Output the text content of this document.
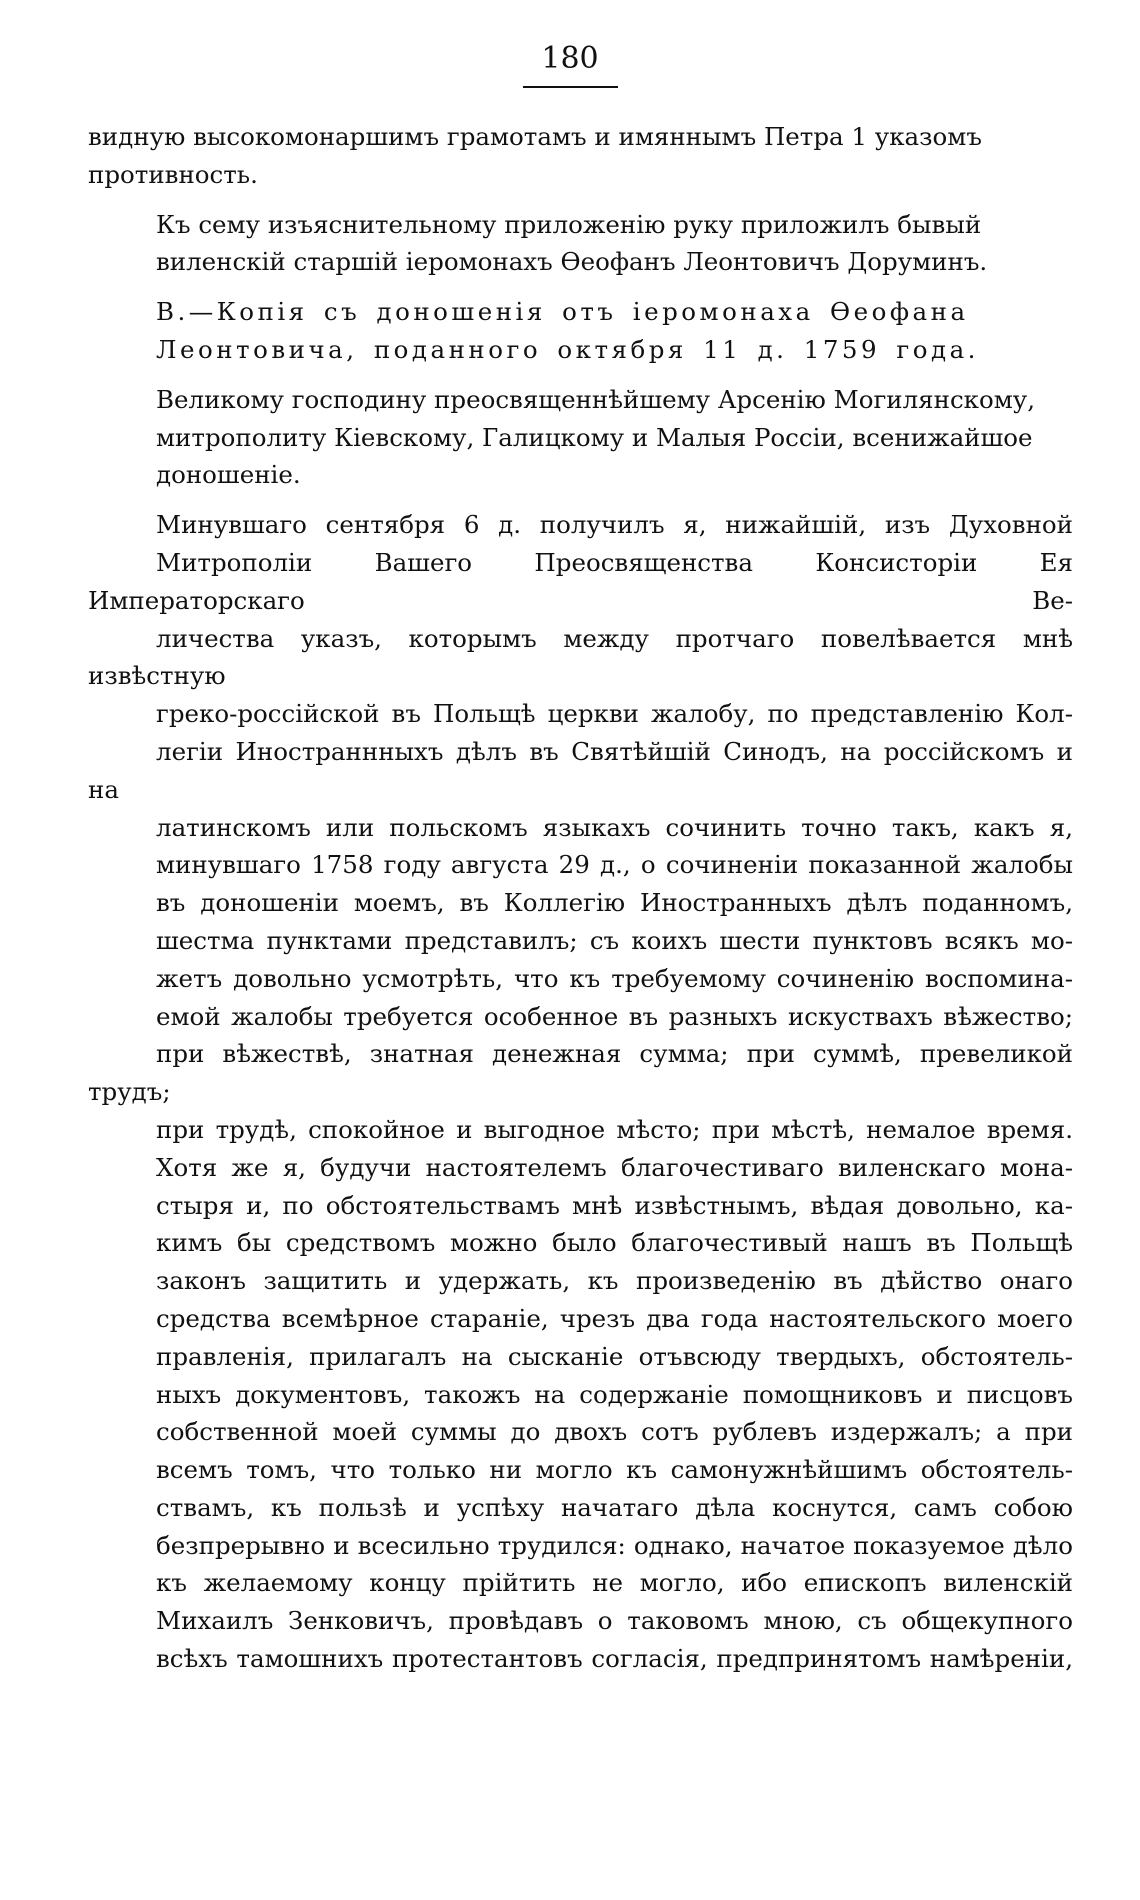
180

видную высокомонаршимъ грамотамъ и имяннымъ Петра 1 указомъ
противность.

Къ сему изъяснительному приложенію руку приложилъ бывый
виленскій старшій іеромонахъ Ѳеофанъ Леонтовичъ Доруминъ.

В.—Копія съ доношенія отъ іеромонаха Ѳеофана
Леонтовича, поданного октября 11 д. 1759 года.

Великому господину преосвященнѣйшему Арсенію Могилянскому,
митрополиту Кіевскому, Галицкому и Малыя Россіи, всенижайшое
доношеніе.

Минувшаго сентября 6 д. получилъ я, нижайшій, изъ Духовной
Митрополіи Вашего Преосвященства Консисторіи Ея Императорскаго Ве-
личества указъ, которымъ между протчаго повелѣвается мнѣ извѣстную
греко-россійской въ Польщѣ церкви жалобу, по представленію Кол-
легіи Иностраннныхъ дѣлъ въ Святѣйшій Синодъ, на россійскомъ и на
латинскомъ или польскомъ языкахъ сочинить точно такъ, какъ я,
минувшаго 1758 году августа 29 д., о сочиненіи показанной жалобы
въ доношеніи моемъ, въ Коллегію Иностранныхъ дѣлъ поданномъ,
шестма пунктами представилъ; съ коихъ шести пунктовъ всякъ мо-
жетъ довольно усмотрѣть, что къ требуемому сочиненію воспомина-
емой жалобы требуется особенное въ разныхъ искуствахъ вѣжество;
при вѣжествѣ, знатная денежная сумма; при суммѣ, превеликой трудъ;
при трудѣ, спокойное и выгодное мѣсто; при мѣстѣ, немалое время.
Хотя же я, будучи настоятелемъ благочестиваго виленскаго мона-
стыря и, по обстоятельствамъ мнѣ извѣстнымъ, вѣдая довольно, ка-
кимъ бы средствомъ можно было благочестивый нашъ въ Польщѣ
законъ защитить и удержать, къ произведенію въ дѣйство онаго
средства всемѣрное стараніе, чрезъ два года настоятельского моего
правленія, прилагалъ на сысканіе отъвсюду твердыхъ, обстоятель-
ныхъ документовъ, такожъ на содержаніе помощниковъ и писцовъ
собственной моей суммы до двохъ сотъ рублевъ издержалъ; а при
всемъ томъ, что только ни могло къ самонужнѣйшимъ обстоятель-
ствамъ, къ пользѣ и успѣху начатаго дѣла коснутся, самъ собою
безпрерывно и всесильно трудился: однако, начатое показуемое дѣло
къ желаемому концу прійтить не могло, ибо епископъ виленскій
Михаилъ Зенковичъ, провѣдавъ о таковомъ мною, съ общекупного
всѣхъ тамошнихъ протестантовъ согласія, предпринятомъ намѣреніи,
